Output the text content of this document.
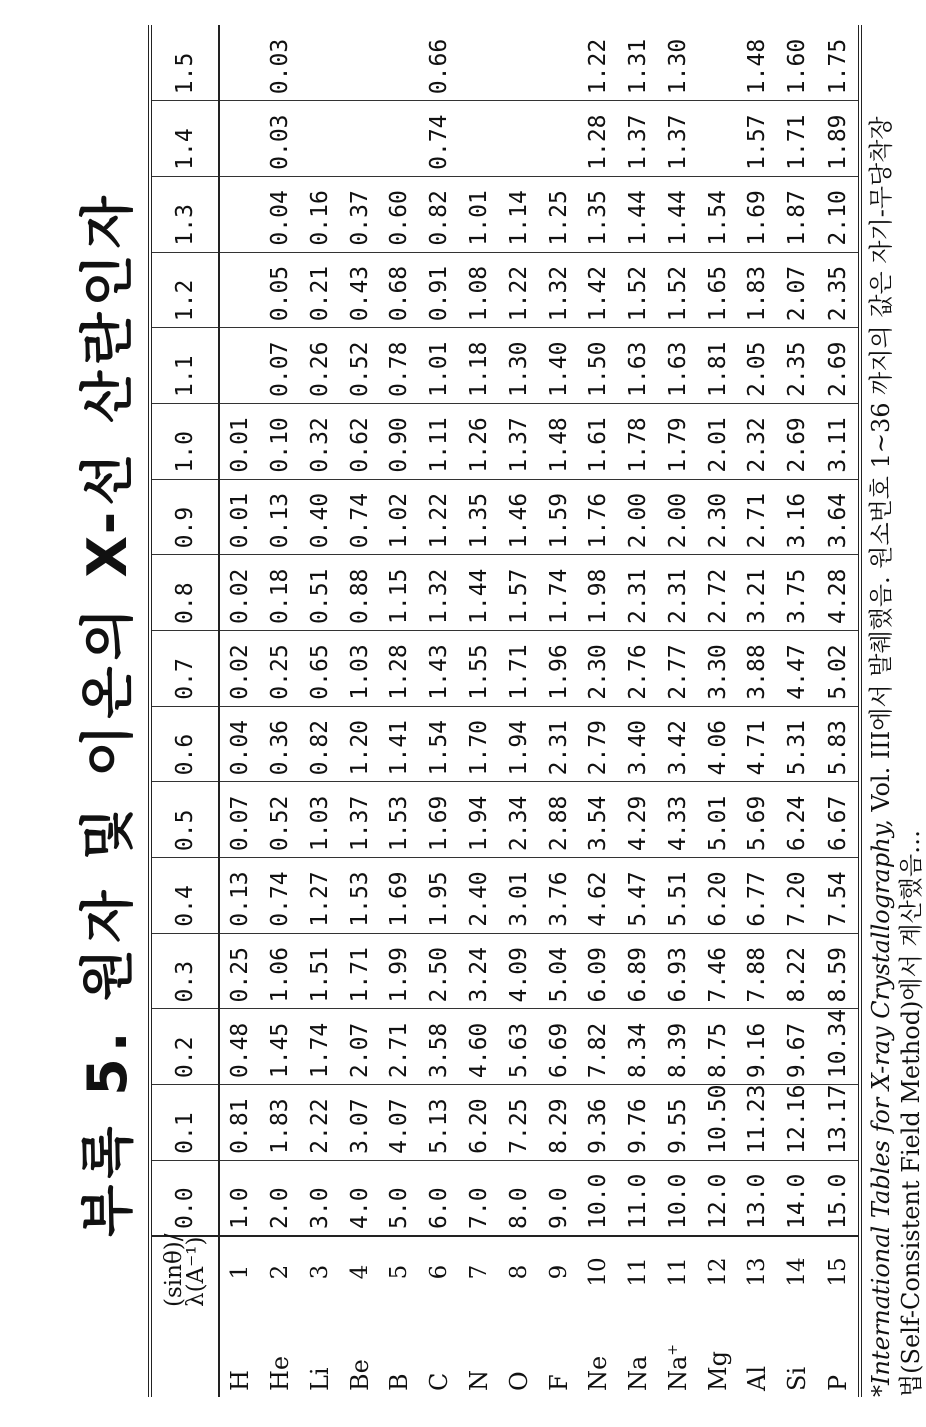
부록 5. 원자 및 이온의 X-선 산란인자

	(sinθ)/
λ(A⁻¹)	0.0	0.1	0.2	0.3	0.4	0.5	0.6	0.7	0.8	0.9	1.0	1.1	1.2	1.3	1.4	1.5
H	1	1.0	0.81	0.48	0.25	0.13	0.07	0.04	0.02	0.02	0.01	0.01					
He	2	2.0	1.83	1.45	1.06	0.74	0.52	0.36	0.25	0.18	0.13	0.10	0.07	0.05	0.04	0.03	0.03
Li	3	3.0	2.22	1.74	1.51	1.27	1.03	0.82	0.65	0.51	0.40	0.32	0.26	0.21	0.16		
Be	4	4.0	3.07	2.07	1.71	1.53	1.37	1.20	1.03	0.88	0.74	0.62	0.52	0.43	0.37		
B	5	5.0	4.07	2.71	1.99	1.69	1.53	1.41	1.28	1.15	1.02	0.90	0.78	0.68	0.60		
C	6	6.0	5.13	3.58	2.50	1.95	1.69	1.54	1.43	1.32	1.22	1.11	1.01	0.91	0.82	0.74	0.66
N	7	7.0	6.20	4.60	3.24	2.40	1.94	1.70	1.55	1.44	1.35	1.26	1.18	1.08	1.01		
O	8	8.0	7.25	5.63	4.09	3.01	2.34	1.94	1.71	1.57	1.46	1.37	1.30	1.22	1.14		
F	9	9.0	8.29	6.69	5.04	3.76	2.88	2.31	1.96	1.74	1.59	1.48	1.40	1.32	1.25		
Ne	10	10.0	9.36	7.82	6.09	4.62	3.54	2.79	2.30	1.98	1.76	1.61	1.50	1.42	1.35	1.28	1.22
Na	11	11.0	9.76	8.34	6.89	5.47	4.29	3.40	2.76	2.31	2.00	1.78	1.63	1.52	1.44	1.37	1.31
Na+	11	10.0	9.55	8.39	6.93	5.51	4.33	3.42	2.77	2.31	2.00	1.79	1.63	1.52	1.44	1.37	1.30
Mg	12	12.0	10.50	8.75	7.46	6.20	5.01	4.06	3.30	2.72	2.30	2.01	1.81	1.65	1.54		
Al	13	13.0	11.23	9.16	7.88	6.77	5.69	4.71	3.88	3.21	2.71	2.32	2.05	1.83	1.69	1.57	1.48
Si	14	14.0	12.16	9.67	8.22	7.20	6.24	5.31	4.47	3.75	3.16	2.69	2.35	2.07	1.87	1.71	1.60
P	15	15.0	13.17	10.34	8.59	7.54	6.67	5.83	5.02	4.28	3.64	3.11	2.69	2.35	2.10	1.89	1.75
*International Tables for X-ray Crystallography, Vol. III에서 발췌했음. 원소번호 1~36 까지의 값은 자기-무당착장
법(Self-Consistent Field Method)에서 계산했음…
